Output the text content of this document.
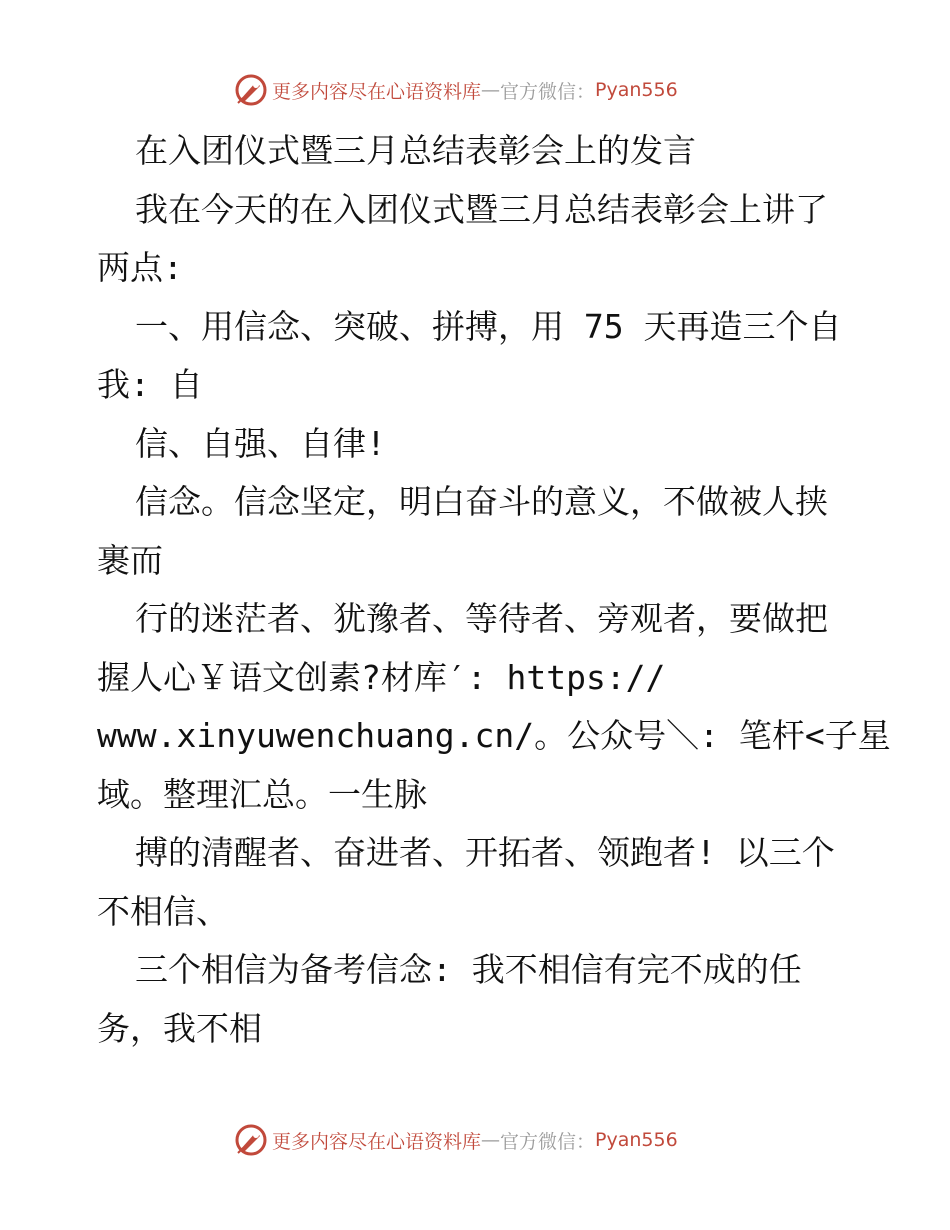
更多内容尽在心语资料库 — 官方微信： Pyan556
在入团仪式暨三月总结表彰会上的发言
我在今天的在入团仪式暨三月总结表彰会上讲了
两点:
一、用信念、突破、拼搏，用 75 天再造三个自
我: 自
信、自强、自律!
信念。信念坚定，明白奋斗的意义，不做被人挟
裹而
行的迷茫者、犹豫者、等待者、旁观者，要做把
握人心￥语文创素?材库′: https://
www.xinyuwenchuang.cn/。公众号＼: 笔杆<子星
域。整理汇总。一生脉
搏的清醒者、奋进者、开拓者、领跑者! 以三个
不相信、
三个相信为备考信念: 我不相信有完不成的任
务，我不相
更多内容尽在心语资料库 — 官方微信： Pyan556
